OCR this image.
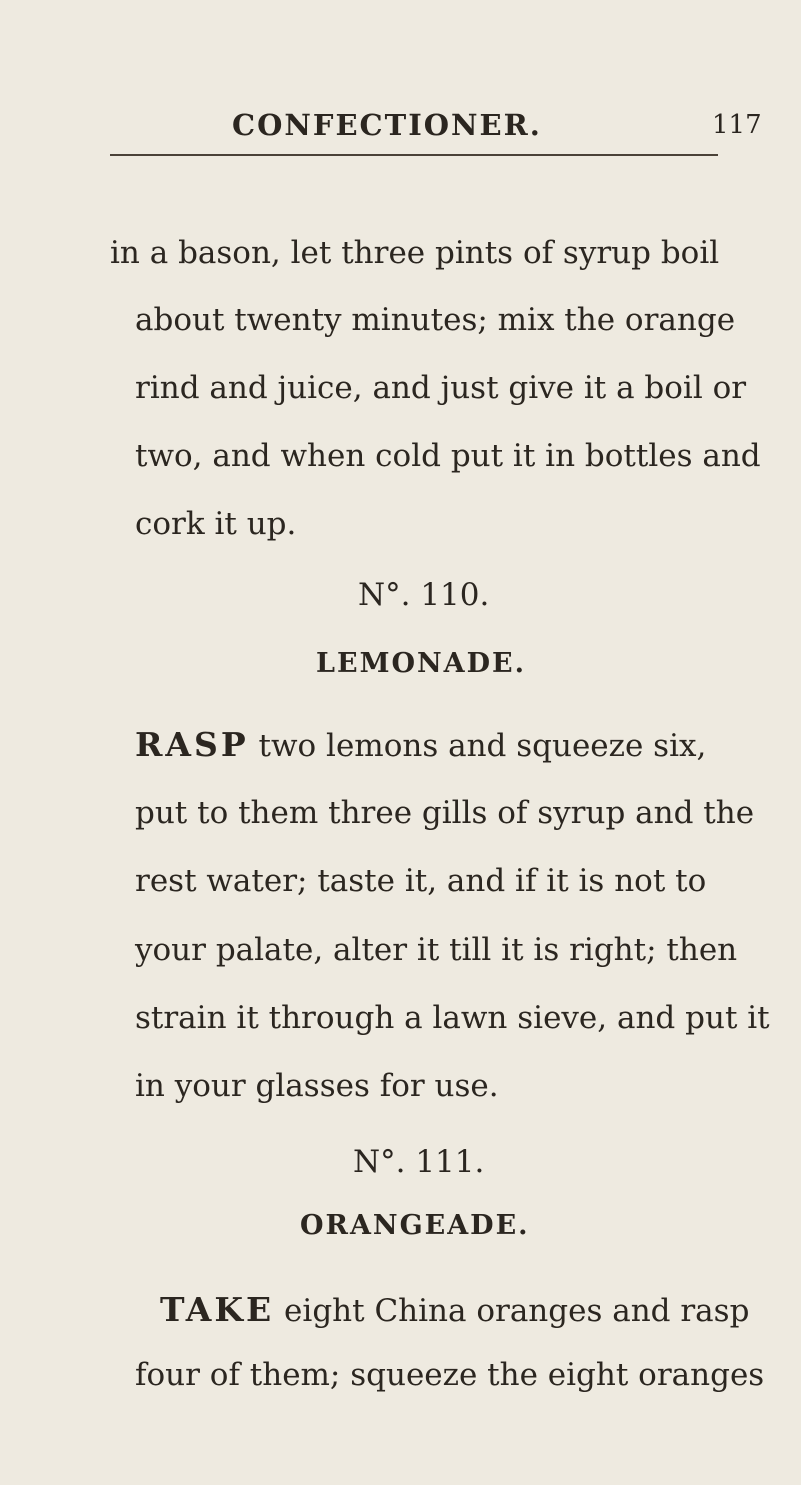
CONFECTIONER.	117
in a bason, let three pints of syrup boil
about twenty minutes; mix the orange
rind and juice, and just give it a boil or
two, and when cold put it in bottles and
cork it up.
N°. 110.
LEMONADE.
RASP two lemons and squeeze six,
put to them three gills of syrup and the
rest water; taste it, and if it is not to
your palate, alter it till it is right; then
strain it through a lawn sieve, and put it
in your glasses for use.
N°. 111.
ORANGEADE.
TAKE eight China oranges and rasp
four of them; squeeze the eight oranges
